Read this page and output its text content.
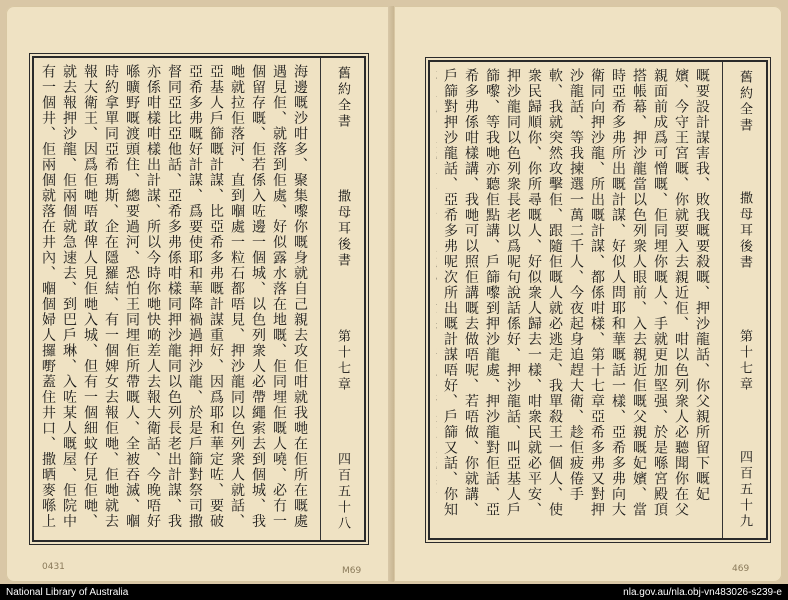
海邊嘅沙咁多、聚集嚟你嘅身就自己親去攻佢咁就我哋在佢所在嘅處遇見佢、就落到佢處、好似露水落在地嘅、佢同埋佢嘅人嘵、必冇一個留存嘅、佢若係入咗邊一個城、以色列衆人必帶繩索去到個城、我哋就拉佢落河、直到嗰處一粒石都唔見、押沙龍同以色列衆人就話、亞基人戶篩嘅計謀、比亞希多弗嘅計謀重好、因爲耶和華定咗、要破亞希多弗嘅好計謀、爲要使耶和華降禍過押沙龍、於是戶篩對祭司撒督同亞比亞他話、亞希多弗係咁樣同押沙龍同以色列長老出計謀、我亦係咁樣咁樣出計謀、所以今時你哋快啲差人去報大衛話、今晚唔好喺曠野嘅渡頭住、總要過河、恐怕王同埋佢所帶嘅人、全被吞滅、嗰時約拿單同亞希瑪斯、企在隱羅結、有一個婢女去報佢哋、佢哋就去報大衛王、因爲佢哋唔敢俾人見佢哋入城、但有一個細蚊仔見佢哋、就去報押沙龍、佢兩個就急速去、到巴戶琳、入咗某人嘅屋、佢院中有一個井、佢兩個就落在井內、嗰個婦人攞嘢蓋住井口、撒晒麥喺上
舊約全書
撒母耳後書
第十七章
四百五十八
0431	M69
嘅要設計謀害我、敗我嘅要殺嘅、押沙龍話、你父親所留下嘅妃嬪、今守王宮嘅、你就要入去親近佢、咁以色列衆人必聽聞你在父親面前成爲可憎嘅、佢同埋你嘅人、手就更加堅强、於是喺宮殿頂搭帳幕、押沙龍當以色列衆人眼前、入去親近佢嘅父親嘅妃嬪、當時亞希多弗所出嘅計謀、好似人問耶和華嘅話一樣、亞希多弗向大衛同向押沙龍、所出嘅計謀、都係咁樣、第十七章亞希多弗又對押沙龍話、等我揀選一萬二千人、今夜起身追趕大衛、趁佢疲倦手軟、我就突然攻擊佢、跟隨佢嘅人就必逃走、我單殺王一個人、使衆民歸順你、你所尋嘅人、好似衆人歸去一樣、咁衆民就必平安、押沙龍同以色列衆長老以爲呢句說話係好、押沙龍話、叫亞基人戶篩嚟、等我哋亦聽佢點講、戶篩嚟到押沙龍處、押沙龍對佢話、亞希多弗係咁樣講、我哋可以照佢講嘅去做唔呢、若唔做、你就講、戶篩對押沙龍話、亞希多弗呢次所出嘅計謀唔好、戶篩又話、你知
舊約全書
撒母耳後書
第十七章
四百五十九
469
National Library of Australia	nla.gov.au/nla.obj-vn483026-s239-e
